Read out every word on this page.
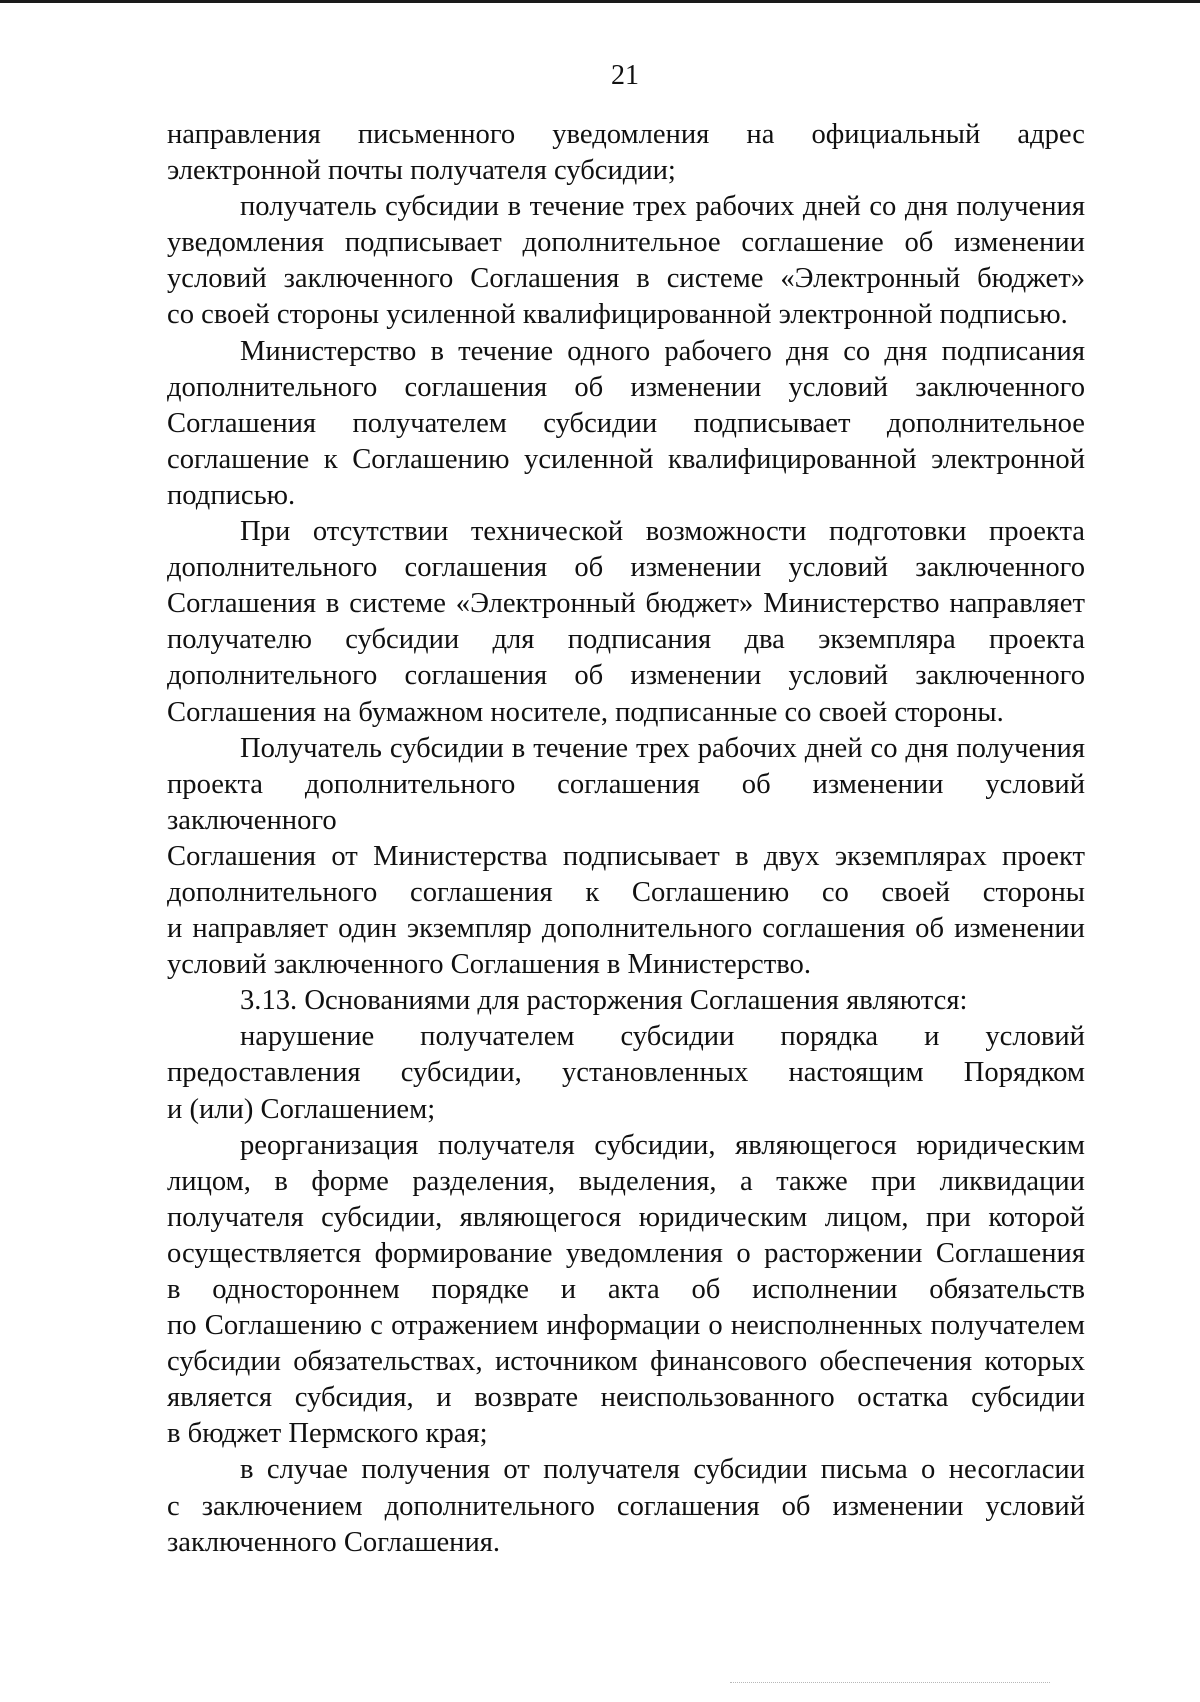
21

направления письменного уведомления на официальный адрес

электронной почты получателя субсидии;

получатель субсидии в течение трех рабочих дней со дня получения

уведомления подписывает дополнительное соглашение об изменении

условий заключенного Соглашения в системе «Электронный бюджет»

со своей стороны усиленной квалифицированной электронной подписью.

Министерство в течение одного рабочего дня со дня подписания

дополнительного соглашения об изменении условий заключенного

Соглашения получателем субсидии подписывает дополнительное

соглашение к Соглашению усиленной квалифицированной электронной

подписью.

При отсутствии технической возможности подготовки проекта

дополнительного соглашения об изменении условий заключенного

Соглашения в системе «Электронный бюджет» Министерство направляет

получателю субсидии для подписания два экземпляра проекта

дополнительного соглашения об изменении условий заключенного

Соглашения на бумажном носителе, подписанные со своей стороны.

Получатель субсидии в течение трех рабочих дней со дня получения

проекта дополнительного соглашения об изменении условий заключенного

Соглашения от Министерства подписывает в двух экземплярах проект

дополнительного соглашения к Соглашению со своей стороны

и направляет один экземпляр дополнительного соглашения об изменении

условий заключенного Соглашения в Министерство.

3.13. Основаниями для расторжения Соглашения являются:

нарушение получателем субсидии порядка и условий

предоставления субсидии, установленных настоящим Порядком

и (или) Соглашением;

реорганизация получателя субсидии, являющегося юридическим

лицом, в форме разделения, выделения, а также при ликвидации

получателя субсидии, являющегося юридическим лицом, при которой

осуществляется формирование уведомления о расторжении Соглашения

в одностороннем порядке и акта об исполнении обязательств

по Соглашению с отражением информации о неисполненных получателем

субсидии обязательствах, источником финансового обеспечения которых

является субсидия, и возврате неиспользованного остатка субсидии

в бюджет Пермского края;

в случае получения от получателя субсидии письма о несогласии

с заключением дополнительного соглашения об изменении условий

заключенного Соглашения.
